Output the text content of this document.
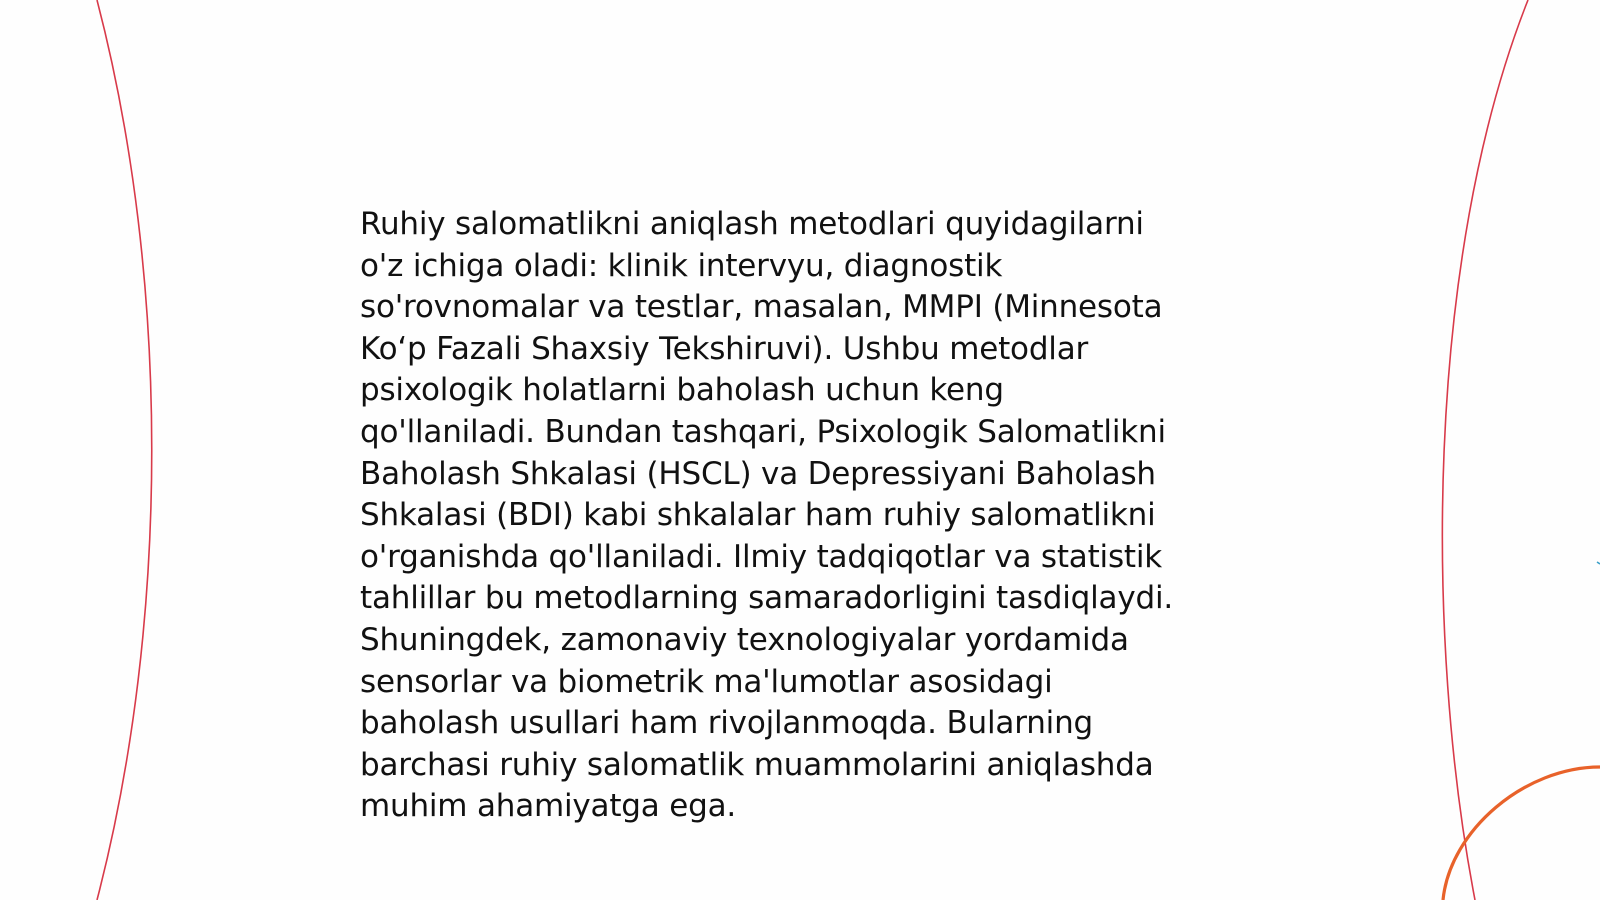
Ruhiy salomatlikni aniqlash metodlari quyidagilarni
o'z ichiga oladi: klinik intervyu, diagnostik
so'rovnomalar va testlar, masalan, MMPI (Minnesota
Ko‘p Fazali Shaxsiy Tekshiruvi). Ushbu metodlar
psixologik holatlarni baholash uchun keng
qo'llaniladi. Bundan tashqari, Psixologik Salomatlikni
Baholash Shkalasi (HSCL) va Depressiyani Baholash
Shkalasi (BDI) kabi shkalalar ham ruhiy salomatlikni
o'rganishda qo'llaniladi. Ilmiy tadqiqotlar va statistik
tahlillar bu metodlarning samaradorligini tasdiqlaydi.
Shuningdek, zamonaviy texnologiyalar yordamida
sensorlar va biometrik ma'lumotlar asosidagi
baholash usullari ham rivojlanmoqda. Bularning
barchasi ruhiy salomatlik muammolarini aniqlashda
muhim ahamiyatga ega.
